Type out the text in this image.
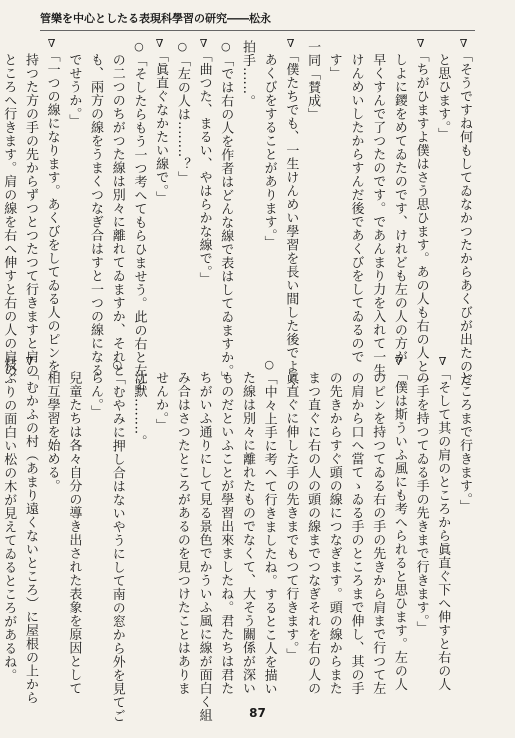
管樂を中心としたる表現科學習の研究――松永

∇ 「そうですね何もしてゐなかつたからあくびが出たのだ

と思ひます。」

∇ 「ちがひますよ僕はさう思ひます。あの人も右の人と一

しよに鑁をめてゐたのです、けれども左の人の方が

早くすんで了つたのです。であんまり力を入れて一生

けんめいしたからすんだ後であくびをしてゐるので

す」

一同「賛成」

∇ 「僕たちでも、一生けんめい學習を長い間した後でよく

あくびをすることがあります。」

拍手‥‥‥。

○ 「では右の人を作者はどんな線で表はしてゐますか。」

∇ 「曲つた、まるい、やはらかな線で。」

○ 「左の人は‥‥‥‥？」

∇ 「眞直ぐなかたい線で。」

○ 「そしたらもう一つ考へてもらひませう。此の右と左と

の二つのちがつた線は別々に離れてゐますか、それと

も、兩方の線をうまくつなぎ合はすと一つの線になる

でせうか。」

∇ 「一つの線になります。あくびをしてゐる人のピンを

持つた方の手の先からずつとつたつて行きますと肩の

ところへ行きます。肩の線を右へ伸すと右の人の肩の

ところまで行きます。」

∇ 「そして其の肩のところから眞直ぐ下へ伸すと右の人

の手を持つてゐる手の先きまで行きます。」

∇ 「僕は斯ういふ風にも考へられると思ひます。左の人

のピンを持つてゐる右の手の先きから肩まで行つて左

の肩から口へ當てゝゐる手のところまで伸し、其の手

の先きからすぐ頭の線につなぎます。頭の線からまた

まつ直ぐに右の人の頭の線までつなぎそれを右の人の

眞直ぐに伸した手の先きまでもつて行きます。」

○ 「中々上手に考へて行きましたね。するとこ人を描い

た線は別々に離れたものでなくて、大そう關係が深い

ものだといふことが學習出來ましたね。君たちは君た

ちがいふ通りにして見る景色でかういふ風に線が面白く組

み合はさつたところがあるのを見つけたことはありま

せんか。」

沈默‥‥‥‥。

○ 「むやみに押し合はないやうにして南の窓から外を見てご

らん。」

兒童たちは各々自分の導き出された表象を原因として

相互學習を始める。

∇ 「むかふの村（あまり遠くないところ）に屋根の上から

枝ぶりの面白い松の木が見えてゐるところがあるね。

87
